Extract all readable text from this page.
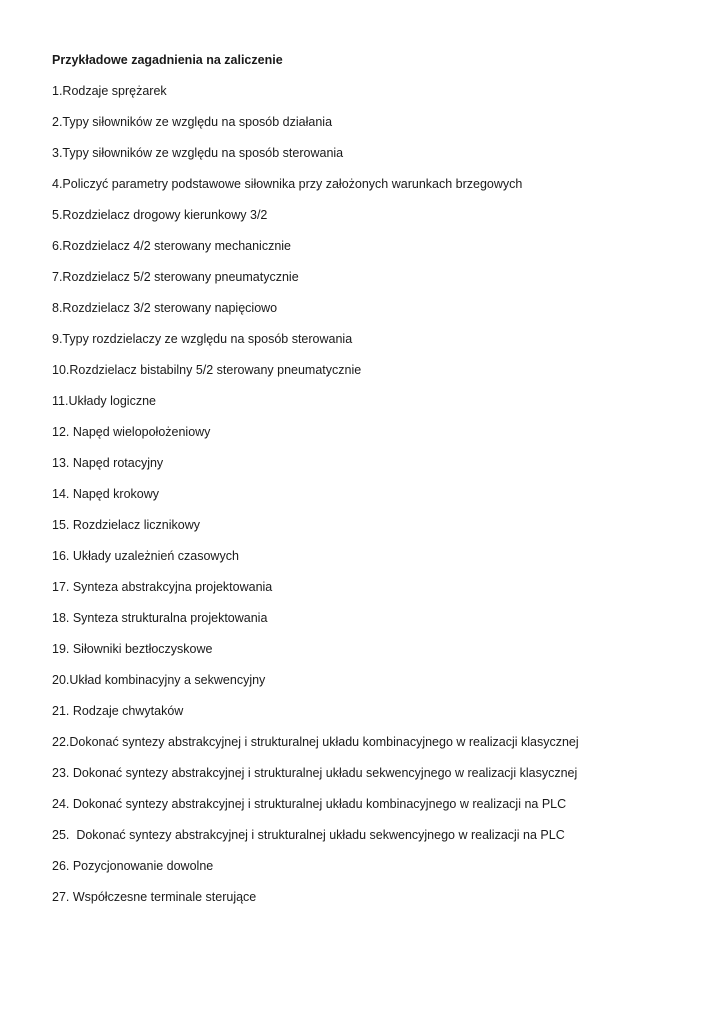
Przykładowe zagadnienia na zaliczenie
1.Rodzaje sprężarek
2.Typy siłowników ze względu na sposób działania
3.Typy siłowników ze względu na sposób sterowania
4.Policzyć parametry podstawowe siłownika przy założonych warunkach brzegowych
5.Rozdzielacz drogowy kierunkowy 3/2
6.Rozdzielacz 4/2 sterowany mechanicznie
7.Rozdzielacz 5/2 sterowany pneumatycznie
8.Rozdzielacz 3/2 sterowany napięciowo
9.Typy rozdzielaczy ze względu na sposób sterowania
10.Rozdzielacz bistabilny 5/2 sterowany pneumatycznie
11.Układy logiczne
12. Napęd wielopołożeniowy
13. Napęd rotacyjny
14. Napęd krokowy
15. Rozdzielacz licznikowy
16. Układy uzależnień czasowych
17. Synteza abstrakcyjna projektowania
18. Synteza strukturalna projektowania
19. Siłowniki beztłoczyskowe
20.Układ kombinacyjny a sekwencyjny
21. Rodzaje chwytaków
22.Dokonać syntezy abstrakcyjnej i strukturalnej układu kombinacyjnego w realizacji klasycznej
23. Dokonać syntezy abstrakcyjnej i strukturalnej układu sekwencyjnego w realizacji klasycznej
24. Dokonać syntezy abstrakcyjnej i strukturalnej układu kombinacyjnego w realizacji na PLC
25.  Dokonać syntezy abstrakcyjnej i strukturalnej układu sekwencyjnego w realizacji na PLC
26. Pozycjonowanie dowolne
27. Współczesne terminale sterujące
